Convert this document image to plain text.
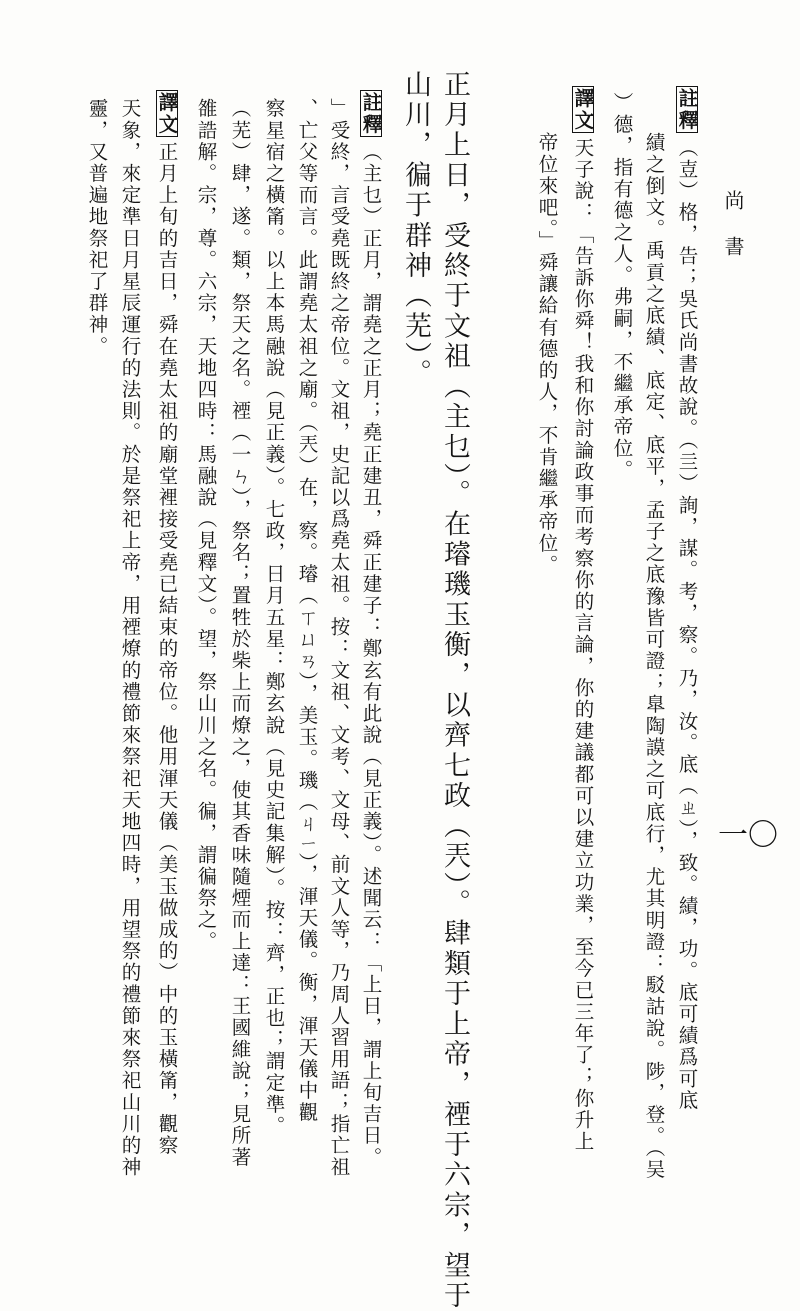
尚書
一〇
註釋（壴）格，告；吳氏尚書故說。（亖）詢，謀。考，察。乃，汝。底（ㄓ），致。績，功。底可績爲可底
績之倒文。禹貢之底績、底定、底平，孟子之底豫皆可證；臯陶謨之可底行，尤其明證：駁詁說。陟，登。（吴
）德，指有德之人。弗嗣，不繼承帝位。
譯文天子說：「告訴你舜！我和你討論政事而考察你的言論，你的建議都可以建立功業，至今已三年了；你升上
帝位來吧。」舜讓給有德的人，不肯繼承帝位。
正月上日，受終于文祖（主乜）。在璿璣玉衡，以齊七政（兲）。肆類于上帝，禋于六宗，望于
山川，徧于群神（芜）。
註釋（主乜）正月，謂堯之正月；堯正建丑，舜正建子：鄭玄有此說（見正義）。述聞云：「上日，謂上旬吉日。
」受終，言受堯既終之帝位。文祖，史記以爲堯太祖。按：文祖、文考、文母、前文人等，乃周人習用語；指亡祖
、亡父等而言。此謂堯太祖之廟。（兲）在，察。璿（ㄒㄩㄢ），美玉。璣（ㄐㄧ），渾天儀。衡，渾天儀中觀
察星宿之橫筩。以上本馬融說（見正義）。七政，日月五星：鄭玄說（見史記集解）。按：齊，正也；謂定準。
（芜）肆，遂。類，祭天之名。禋（一ㄣ），祭名；置牲於柴上而燎之，使其香味隨煙而上達：王國維說；見所著
雒誥解。宗，尊。六宗，天地四時：馬融說（見釋文）。望，祭山川之名。徧，謂徧祭之。
譯文正月上旬的吉日，舜在堯太祖的廟堂裡接受堯已結束的帝位。他用渾天儀（美玉做成的）中的玉橫筩，觀察
天象，來定準日月星辰運行的法則。於是祭祀上帝，用禋燎的禮節來祭祀天地四時，用望祭的禮節來祭祀山川的神
靈，又普遍地祭祀了群神。
